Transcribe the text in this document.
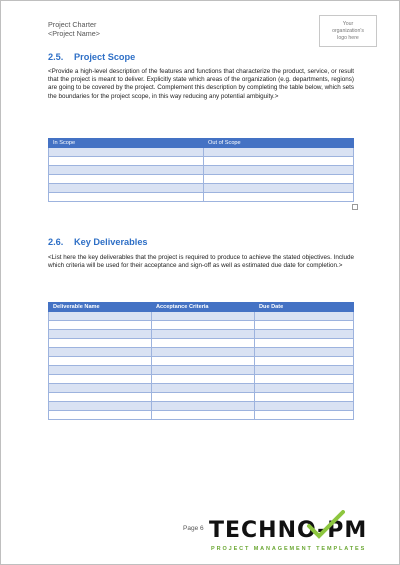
Project Charter
<Project Name>
Your organization's logo here
2.5. Project Scope
<Provide a high-level description of the features and functions that characterize the product, service, or result that the project is meant to deliver. Explicitly state which areas of the organization (e.g. departments, regions) are going to be covered by the project. Complement this description by completing the table below, which sets the boundaries for the project scope, in this way reducing any potential ambiguity.>
In Scope	Out of Scope

2.6. Key Deliverables
<List here the key deliverables that the project is required to produce to achieve the stated objectives. Include which criteria will be used for their acceptance and sign-off as well as estimated due date for completion.>
Deliverable Name	Acceptance Criteria	Due Date

Page 6 TECHNO-PM
PROJECT MANAGEMENT TEMPLATES
